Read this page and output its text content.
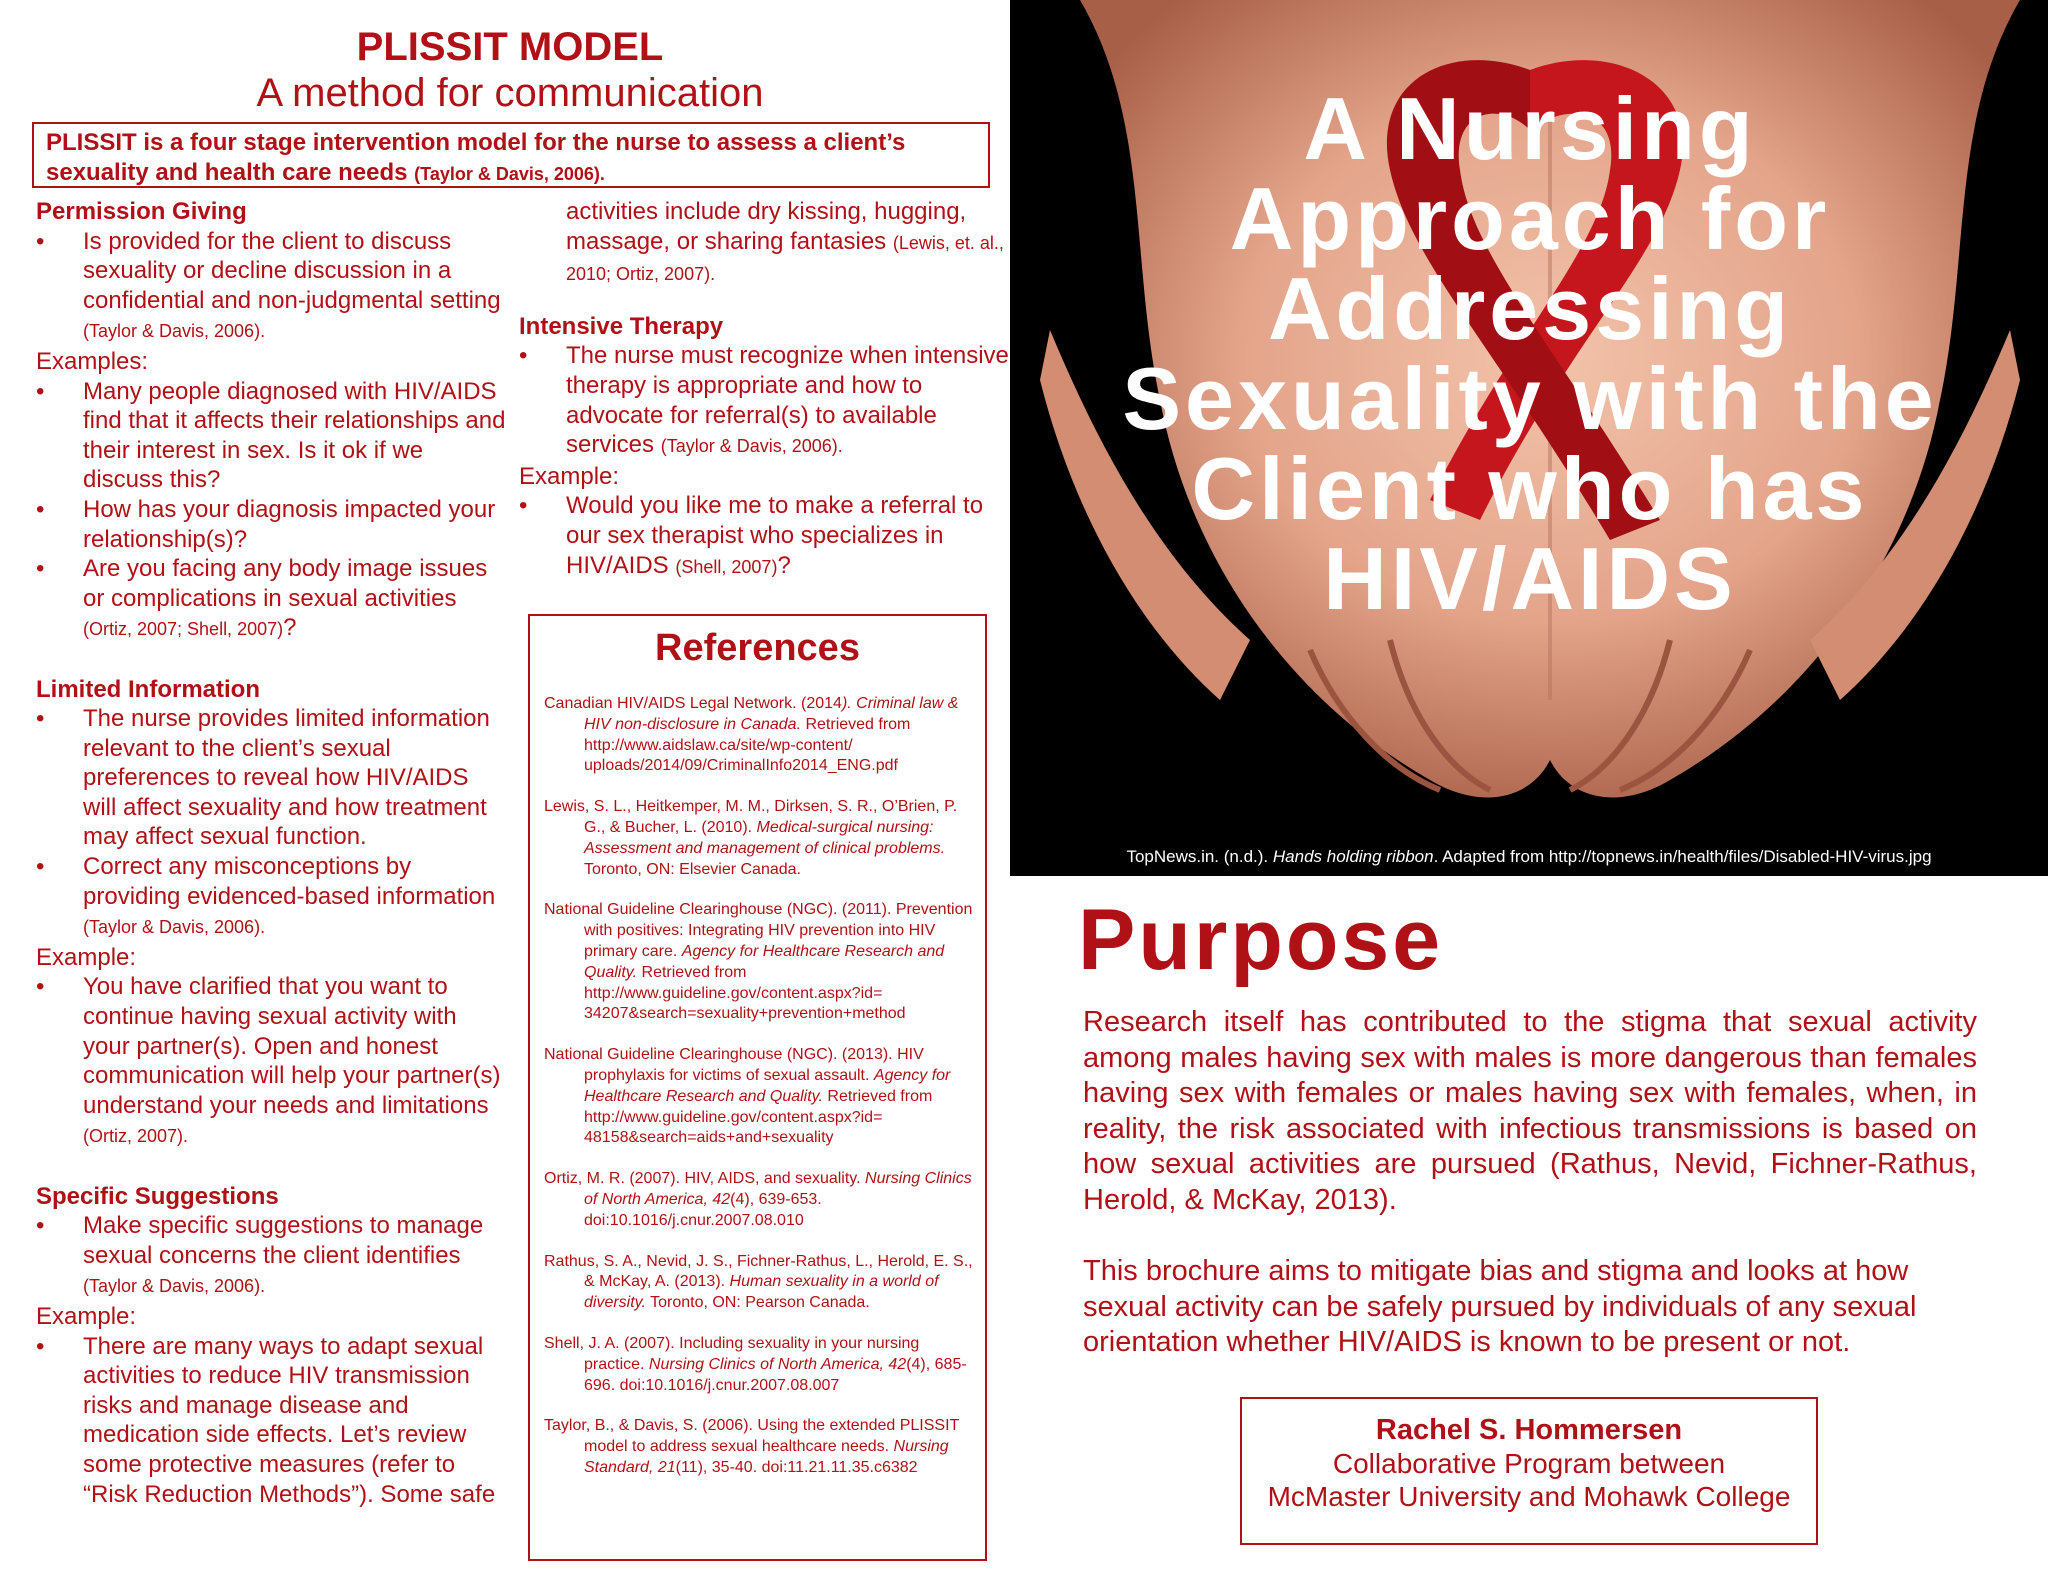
PLISSIT MODEL
A method for communication
PLISSIT is a four stage intervention model for the nurse to assess a client’s sexuality and health care needs (Taylor & Davis, 2006).
Permission Giving
• Is provided for the client to discuss sexuality or decline discussion in a confidential and non-judgmental setting (Taylor & Davis, 2006).
Examples:
• Many people diagnosed with HIV/AIDS find that it affects their relationships and their interest in sex. Is it ok if we discuss this?
• How has your diagnosis impacted your relationship(s)?
• Are you facing any body image issues or complications in sexual activities (Ortiz, 2007; Shell, 2007)?
Limited Information
• The nurse provides limited information relevant to the client’s sexual preferences to reveal how HIV/AIDS will affect sexuality and how treatment may affect sexual function.
• Correct any misconceptions by providing evidenced-based information (Taylor & Davis, 2006).
Example:
• You have clarified that you want to continue having sexual activity with your partner(s). Open and honest communication will help your partner(s) understand your needs and limitations (Ortiz, 2007).
Specific Suggestions
• Make specific suggestions to manage sexual concerns the client identifies (Taylor & Davis, 2006).
Example:
• There are many ways to adapt sexual activities to reduce HIV transmission risks and manage disease and medication side effects. Let’s review some protective measures (refer to “Risk Reduction Methods”). Some safe
activities include dry kissing, hugging, massage, or sharing fantasies (Lewis, et. al., 2010; Ortiz, 2007).
Intensive Therapy
• The nurse must recognize when intensive therapy is appropriate and how to advocate for referral(s) to available services (Taylor & Davis, 2006).
Example:
• Would you like me to make a referral to our sex therapist who specializes in HIV/AIDS (Shell, 2007)?
References
Canadian HIV/AIDS Legal Network. (2014). Criminal law & HIV non-disclosure in Canada. Retrieved from http://www.aidslaw.ca/site/wp-content/ uploads/2014/09/CriminalInfo2014_ENG.pdf
Lewis, S. L., Heitkemper, M. M., Dirksen, S. R., O’Brien, P. G., & Bucher, L. (2010). Medical-surgical nursing: Assessment and management of clinical problems. Toronto, ON: Elsevier Canada.
National Guideline Clearinghouse (NGC). (2011). Prevention with positives: Integrating HIV prevention into HIV primary care. Agency for Healthcare Research and Quality. Retrieved from http://www.guideline.gov/content.aspx?id= 34207&search=sexuality+prevention+method
National Guideline Clearinghouse (NGC). (2013). HIV prophylaxis for victims of sexual assault. Agency for Healthcare Research and Quality. Retrieved from http://www.guideline.gov/content.aspx?id= 48158&search=aids+and+sexuality
Ortiz, M. R. (2007). HIV, AIDS, and sexuality. Nursing Clinics of North America, 42(4), 639-653. doi:10.1016/j.cnur.2007.08.010
Rathus, S. A., Nevid, J. S., Fichner-Rathus, L., Herold, E. S., & McKay, A. (2013). Human sexuality in a world of diversity. Toronto, ON: Pearson Canada.
Shell, J. A. (2007). Including sexuality in your nursing practice. Nursing Clinics of North America, 42(4), 685-696. doi:10.1016/j.cnur.2007.08.007
Taylor, B., & Davis, S. (2006). Using the extended PLISSIT model to address sexual healthcare needs. Nursing Standard, 21(11), 35-40. doi:11.21.11.35.c6382
A Nursing
Approach for
Addressing
Sexuality with the
Client who has
HIV/AIDS
TopNews.in. (n.d.). Hands holding ribbon. Adapted from http://topnews.in/health/files/Disabled-HIV-virus.jpg
Purpose

Research itself has contributed to the stigma that sexual activity among males having sex with males is more dangerous than females having sex with females or males having sex with females, when, in reality, the risk associated with infectious transmissions is based on how sexual activities are pursued (Rathus, Nevid, Fichner-Rathus, Herold, & McKay, 2013).

This brochure aims to mitigate bias and stigma and looks at how sexual activity can be safely pursued by individuals of any sexual orientation whether HIV/AIDS is known to be present or not.

Rachel S. Hommersen
Collaborative Program between
McMaster University and Mohawk College
